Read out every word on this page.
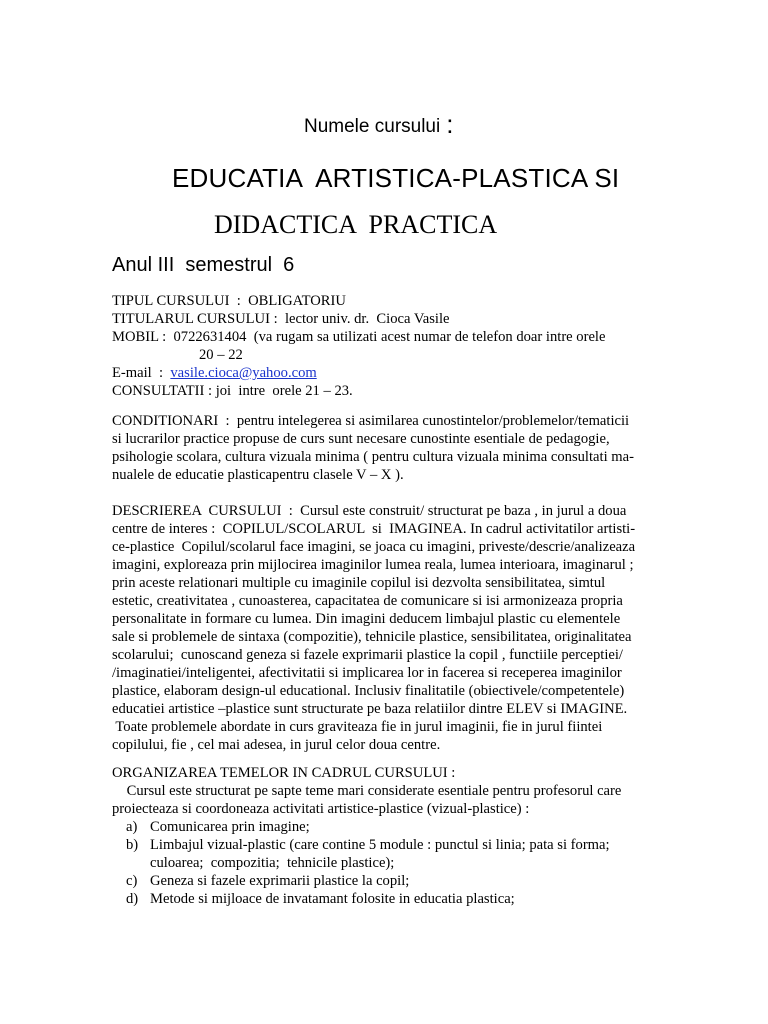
Numele cursului :
EDUCATIA  ARTISTICA-PLASTICA SI
DIDACTICA  PRACTICA
Anul III  semestrul  6
TIPUL CURSULUI  :  OBLIGATORIU
TITULARUL CURSULUI :  lector univ. dr.  Cioca Vasile
MOBIL :  0722631404  (va rugam sa utilizati acest numar de telefon doar intre orele
20 – 22
E-mail  :  vasile.cioca@yahoo.com
CONSULTATII : joi  intre  orele 21 – 23.
CONDITIONARI  :  pentru intelegerea si asimilarea cunostintelor/problemelor/tematicii
si lucrarilor practice propuse de curs sunt necesare cunostinte esentiale de pedagogie,
psihologie scolara, cultura vizuala minima ( pentru cultura vizuala minima consultati ma-
nualele de educatie plasticapentru clasele V – X ).
DESCRIEREA  CURSULUI  :  Cursul este construit/ structurat pe baza , in jurul a doua
centre de interes :  COPILUL/SCOLARUL  si  IMAGINEA. In cadrul activitatilor artisti-
ce-plastice  Copilul/scolarul face imagini, se joaca cu imagini, priveste/descrie/analizeaza
imagini, exploreaza prin mijlocirea imaginilor lumea reala, lumea interioara, imaginarul ;
prin aceste relationari multiple cu imaginile copilul isi dezvolta sensibilitatea, simtul
estetic, creativitatea , cunoasterea, capacitatea de comunicare si isi armonizeaza propria
personalitate in formare cu lumea. Din imagini deducem limbajul plastic cu elementele
sale si problemele de sintaxa (compozitie), tehnicile plastice, sensibilitatea, originalitatea
scolarului;  cunoscand geneza si fazele exprimarii plastice la copil , functiile perceptiei/
/imaginatiei/inteligentei, afectivitatii si implicarea lor in facerea si receperea imaginilor
plastice, elaboram design-ul educational. Inclusiv finalitatile (obiectivele/competentele)
educatiei artistice –plastice sunt structurate pe baza relatiilor dintre ELEV si IMAGINE.
Toate problemele abordate in curs graviteaza fie in jurul imaginii, fie in jurul fiintei
copilului, fie , cel mai adesea, in jurul celor doua centre.
ORGANIZAREA TEMELOR IN CADRUL CURSULUI :
Cursul este structurat pe sapte teme mari considerate esentiale pentru profesorul care
proiecteaza si coordoneaza activitati artistice-plastice (vizual-plastice) :
a) Comunicarea prin imagine;
b) Limbajul vizual-plastic (care contine 5 module : punctul si linia; pata si forma;
culoarea;  compozitia;  tehnicile plastice);
c) Geneza si fazele exprimarii plastice la copil;
d) Metode si mijloace de invatamant folosite in educatia plastica;
